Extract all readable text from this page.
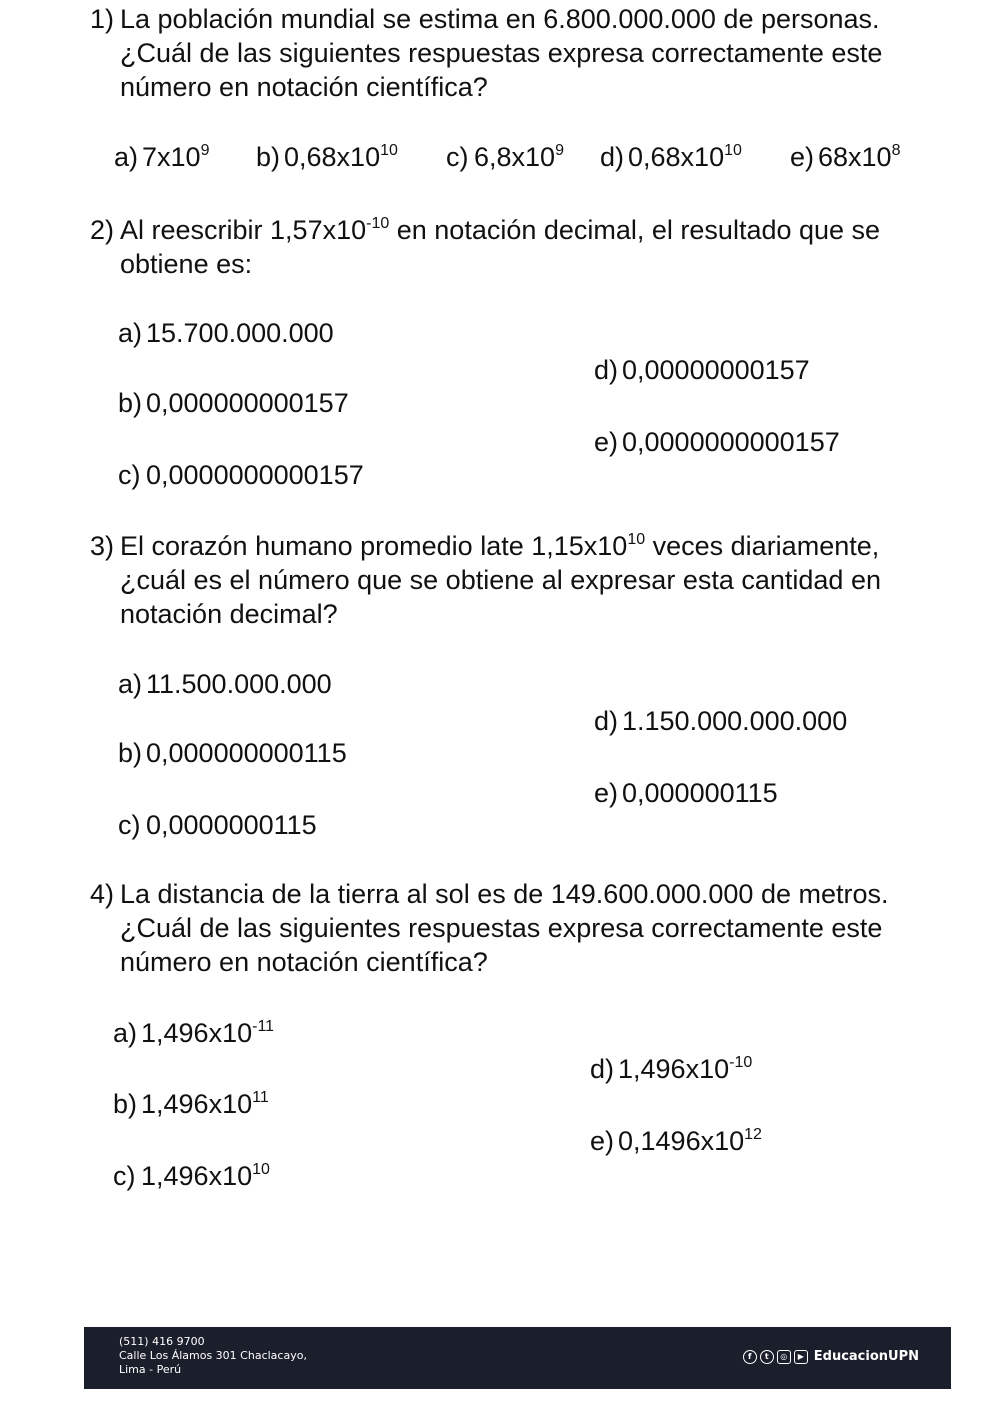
1) La población mundial se estima en 6.800.000.000 de personas. ¿Cuál de las siguientes respuestas expresa correctamente este número en notación científica?
a) $7x10^9$ b) $0,68x10^{10}$ c) $6,8x10^9$ d) $0,68x10^{10}$ e) $68x10^8$
2) Al reescribir $1,57x10^{-10}$ en notación decimal, el resultado que se obtiene es:
a) 15.700.000.000
b) 0,000000000157
c) 0,0000000000157
d) 0,00000000157
e) 0,0000000000157
3) El corazón humano promedio late $1,15x10^{10}$ veces diariamente, ¿cuál es el número que se obtiene al expresar esta cantidad en notación decimal?
a) 11.500.000.000
b) 0,000000000115
c) 0,0000000115
d) 1.150.000.000.000
e) 0,000000115
4) La distancia de la tierra al sol es de 149.600.000.000 de metros. ¿Cuál de las siguientes respuestas expresa correctamente este número en notación científica?
a) $1,496x10^{-11}$
b) $1,496x10^{11}$
c) $1,496x10^{10}$
d) $1,496x10^{-10}$
e) $0,1496x10^{12}$
(511) 416 9700
Calle Los Álamos 301 Chaclacayo,
Lima - Perú
f	t	◎	▶ EducacionUPN
